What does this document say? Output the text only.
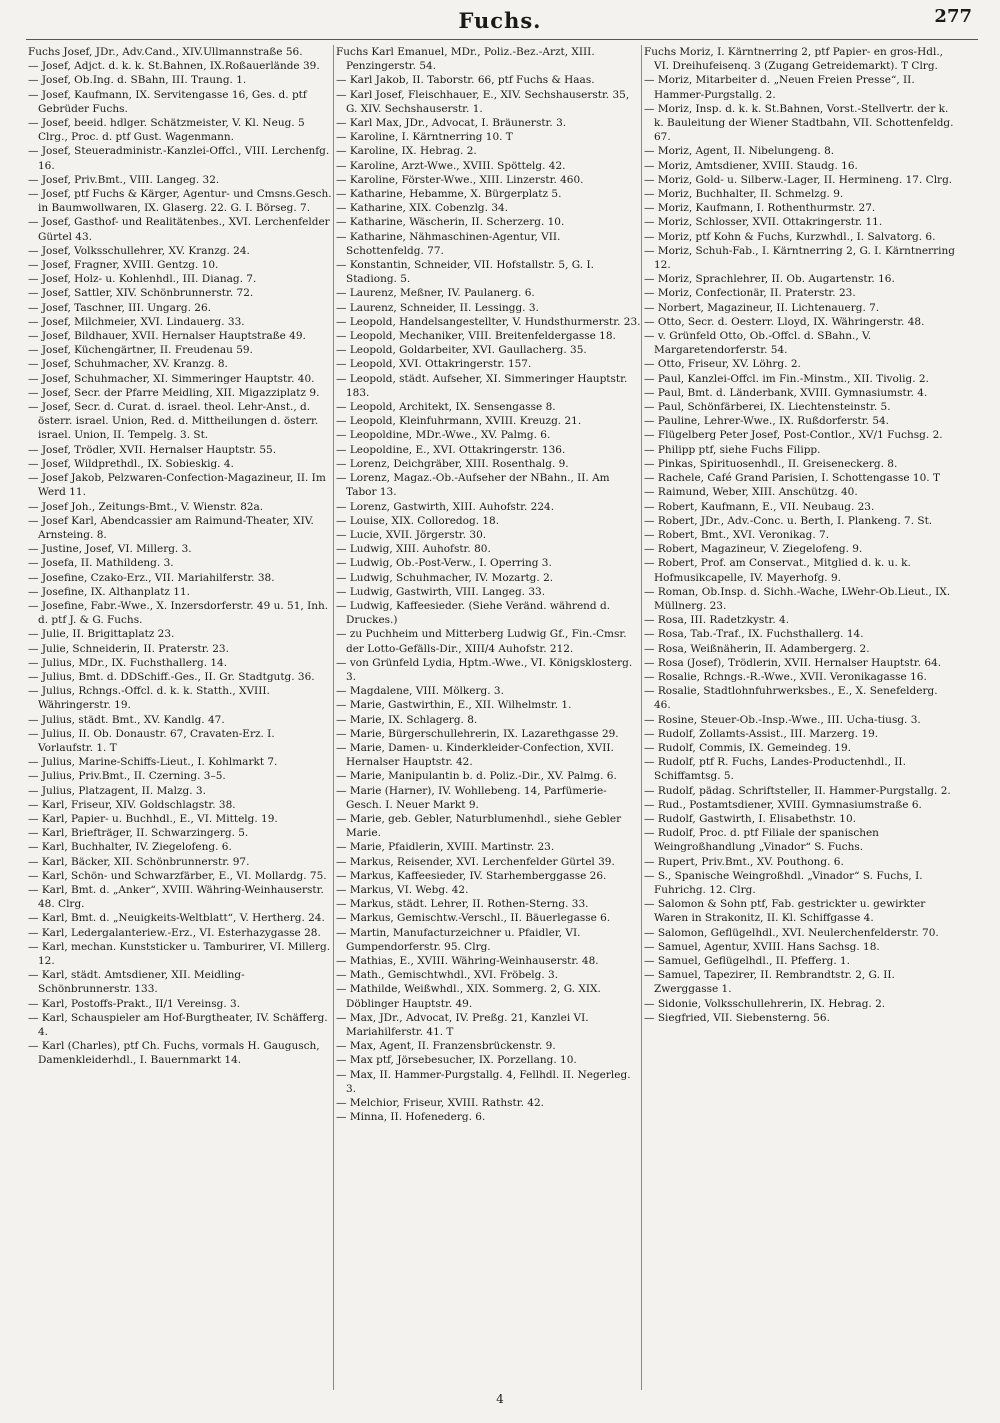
Fuchs.	277
Fuchs Josef, JDr., Adv.Cand., XIV.Ullmannstraße 56.
— Josef, Adjct. d. k. k. St.Bahnen, IX.Roßauerlände 39.
— Josef, Ob.Ing. d. SBahn, III. Traung. 1.
— Josef, Kaufmann, IX. Servitengasse 16, Ges. d. ptf Gebrüder Fuchs.
— Josef, beeid. hdlger. Schätzmeister, V. Kl. Neug. 5 Clrg., Proc. d. ptf Gust. Wagenmann.
— Josef, Steueradministr.-Kanzlei-Offcl., VIII. Lerchenfg. 16.
— Josef, Priv.Bmt., VIII. Langeg. 32.
— Josef, ptf Fuchs & Kärger, Agentur- und Cmsns.Gesch. in Baumwollwaren, IX. Glaserg. 22. G. I. Börseg. 7.
— Josef, Gasthof- und Realitätenbes., XVI. Lerchenfelder Gürtel 43.
— Josef, Volksschullehrer, XV. Kranzg. 24.
— Josef, Fragner, XVIII. Gentzg. 10.
— Josef, Holz- u. Kohlenhdl., III. Dianag. 7.
— Josef, Sattler, XIV. Schönbrunnerstr. 72.
— Josef, Taschner, III. Ungarg. 26.
— Josef, Milchmeier, XVI. Lindauerg. 33.
— Josef, Bildhauer, XVII. Hernalser Hauptstraße 49.
— Josef, Küchengärtner, II. Freudenau 59.
— Josef, Schuhmacher, XV. Kranzg. 8.
— Josef, Schuhmacher, XI. Simmeringer Hauptstr. 40.
— Josef, Secr. der Pfarre Meidling, XII. Migazziplatz 9.
— Josef, Secr. d. Curat. d. israel. theol. Lehr-Anst., d. österr. israel. Union, Red. d. Mittheilungen d. österr. israel. Union, II. Tempelg. 3. St.
— Josef, Trödler, XVII. Hernalser Hauptstr. 55.
— Josef, Wildprethdl., IX. Sobieskig. 4.
— Josef Jakob, Pelzwaren-Confection-Magazineur, II. Im Werd 11.
— Josef Joh., Zeitungs-Bmt., V. Wienstr. 82a.
— Josef Karl, Abendcassier am Raimund-Theater, XIV. Arnsteing. 8.
— Justine, Josef, VI. Millerg. 3.
— Josefa, II. Mathildeng. 3.
— Josefine, Czako-Erz., VII. Mariahilferstr. 38.
— Josefine, IX. Althanplatz 11.
— Josefine, Fabr.-Wwe., X. Inzersdorferstr. 49 u. 51, Inh. d. ptf J. & G. Fuchs.
— Julie, II. Brigittaplatz 23.
— Julie, Schneiderin, II. Praterstr. 23.
— Julius, MDr., IX. Fuchsthallerg. 14.
— Julius, Bmt. d. DDSchiff.-Ges., II. Gr. Stadtgutg. 36.
— Julius, Rchngs.-Offcl. d. k. k. Statth., XVIII. Währingerstr. 19.
— Julius, städt. Bmt., XV. Kandlg. 47.
— Julius, II. Ob. Donaustr. 67, Cravaten-Erz. I. Vorlaufstr. 1. T
— Julius, Marine-Schiffs-Lieut., I. Kohlmarkt 7.
— Julius, Priv.Bmt., II. Czerning. 3–5.
— Julius, Platzagent, II. Malzg. 3.
— Karl, Friseur, XIV. Goldschlagstr. 38.
— Karl, Papier- u. Buchhdl., E., VI. Mittelg. 19.
— Karl, Briefträger, II. Schwarzingerg. 5.
— Karl, Buchhalter, IV. Ziegelofeng. 6.
— Karl, Bäcker, XII. Schönbrunnerstr. 97.
— Karl, Schön- und Schwarzfärber, E., VI. Mollardg. 75.
— Karl, Bmt. d. „Anker“, XVIII. Währing-Weinhauserstr. 48. Clrg.
— Karl, Bmt. d. „Neuigkeits-Weltblatt“, V. Hertherg. 24.
— Karl, Ledergalanteriew.-Erz., VI. Esterhazygasse 28.
— Karl, mechan. Kunststicker u. Tamburirer, VI. Millerg. 12.
— Karl, städt. Amtsdiener, XII. Meidling-Schönbrunnerstr. 133.
— Karl, Postoffs-Prakt., II/1 Vereinsg. 3.
— Karl, Schauspieler am Hof-Burgtheater, IV. Schäfferg. 4.
— Karl (Charles), ptf Ch. Fuchs, vormals H. Gaugusch, Damenkleiderhdl., I. Bauernmarkt 14.
Fuchs Karl Emanuel, MDr., Poliz.-Bez.-Arzt, XIII. Penzingerstr. 54.
— Karl Jakob, II. Taborstr. 66, ptf Fuchs & Haas.
— Karl Josef, Fleischhauer, E., XIV. Sechshauserstr. 35, G. XIV. Sechshauserstr. 1.
— Karl Max, JDr., Advocat, I. Bräunerstr. 3.
— Karoline, I. Kärntnerring 10. T
— Karoline, IX. Hebrag. 2.
— Karoline, Arzt-Wwe., XVIII. Spöttelg. 42.
— Karoline, Förster-Wwe., XIII. Linzerstr. 460.
— Katharine, Hebamme, X. Bürgerplatz 5.
— Katharine, XIX. Cobenzlg. 34.
— Katharine, Wäscherin, II. Scherzerg. 10.
— Katharine, Nähmaschinen-Agentur, VII. Schottenfeldg. 77.
— Konstantin, Schneider, VII. Hofstallstr. 5, G. I. Stadiong. 5.
— Laurenz, Meßner, IV. Paulanerg. 6.
— Laurenz, Schneider, II. Lessingg. 3.
— Leopold, Handelsangestellter, V. Hundsthurmerstr. 23.
— Leopold, Mechaniker, VIII. Breitenfeldergasse 18.
— Leopold, Goldarbeiter, XVI. Gaullacherg. 35.
— Leopold, XVI. Ottakringerstr. 157.
— Leopold, städt. Aufseher, XI. Simmeringer Hauptstr. 183.
— Leopold, Architekt, IX. Sensengasse 8.
— Leopold, Kleinfuhrmann, XVIII. Kreuzg. 21.
— Leopoldine, MDr.-Wwe., XV. Palmg. 6.
— Leopoldine, E., XVI. Ottakringerstr. 136.
— Lorenz, Deichgräber, XIII. Rosenthalg. 9.
— Lorenz, Magaz.-Ob.-Aufseher der NBahn., II. Am Tabor 13.
— Lorenz, Gastwirth, XIII. Auhofstr. 224.
— Louise, XIX. Colloredog. 18.
— Lucie, XVII. Jörgerstr. 30.
— Ludwig, XIII. Auhofstr. 80.
— Ludwig, Ob.-Post-Verw., I. Operring 3.
— Ludwig, Schuhmacher, IV. Mozartg. 2.
— Ludwig, Gastwirth, VIII. Langeg. 33.
— Ludwig, Kaffeesieder. (Siehe Veränd. während d. Druckes.)
— zu Puchheim und Mitterberg Ludwig Gf., Fin.-Cmsr. der Lotto-Gefälls-Dir., XIII/4 Auhofstr. 212.
— von Grünfeld Lydia, Hptm.-Wwe., VI. Königsklosterg. 3.
— Magdalene, VIII. Mölkerg. 3.
— Marie, Gastwirthin, E., XII. Wilhelmstr. 1.
— Marie, IX. Schlagerg. 8.
— Marie, Bürgerschullehrerin, IX. Lazarethgasse 29.
— Marie, Damen- u. Kinderkleider-Confection, XVII. Hernalser Hauptstr. 42.
— Marie, Manipulantin b. d. Poliz.-Dir., XV. Palmg. 6.
— Marie (Harner), IV. Wohllebeng. 14, Parfümerie-Gesch. I. Neuer Markt 9.
— Marie, geb. Gebler, Naturblumenhdl., siehe Gebler Marie.
— Marie, Pfaidlerin, XVIII. Martinstr. 23.
— Markus, Reisender, XVI. Lerchenfelder Gürtel 39.
— Markus, Kaffeesieder, IV. Starhemberggasse 26.
— Markus, VI. Webg. 42.
— Markus, städt. Lehrer, II. Rothen-Sterng. 33.
— Markus, Gemischtw.-Verschl., II. Bäuerlegasse 6.
— Martin, Manufacturzeichner u. Pfaidler, VI. Gumpendorferstr. 95. Clrg.
— Mathias, E., XVIII. Währing-Weinhauserstr. 48.
— Math., Gemischtwhdl., XVI. Fröbelg. 3.
— Mathilde, Weißwhdl., XIX. Sommerg. 2, G. XIX. Döblinger Hauptstr. 49.
— Max, JDr., Advocat, IV. Preßg. 21, Kanzlei VI. Mariahilferstr. 41. T
— Max, Agent, II. Franzensbrückenstr. 9.
— Max ptf, Jörsebesucher, IX. Porzellang. 10.
— Max, II. Hammer-Purgstallg. 4, Fellhdl. II. Negerleg. 3.
— Melchior, Friseur, XVIII. Rathstr. 42.
— Minna, II. Hofenederg. 6.
Fuchs Moriz, I. Kärntnerring 2, ptf Papier- en gros-Hdl., VI. Dreihufeisenq. 3 (Zugang Getreidemarkt). T Clrg.
— Moriz, Mitarbeiter d. „Neuen Freien Presse“, II. Hammer-Purgstallg. 2.
— Moriz, Insp. d. k. k. St.Bahnen, Vorst.-Stellvertr. der k. k. Bauleitung der Wiener Stadtbahn, VII. Schottenfeldg. 67.
— Moriz, Agent, II. Nibelungeng. 8.
— Moriz, Amtsdiener, XVIII. Staudg. 16.
— Moriz, Gold- u. Silberw.-Lager, II. Hermineng. 17. Clrg.
— Moriz, Buchhalter, II. Schmelzg. 9.
— Moriz, Kaufmann, I. Rothenthurmstr. 27.
— Moriz, Schlosser, XVII. Ottakringerstr. 11.
— Moriz, ptf Kohn & Fuchs, Kurzwhdl., I. Salvatorg. 6.
— Moriz, Schuh-Fab., I. Kärntnerring 2, G. I. Kärntnerring 12.
— Moriz, Sprachlehrer, II. Ob. Augartenstr. 16.
— Moriz, Confectionär, II. Praterstr. 23.
— Norbert, Magazineur, II. Lichtenauerg. 7.
— Otto, Secr. d. Oesterr. Lloyd, IX. Währingerstr. 48.
— v. Grünfeld Otto, Ob.-Offcl. d. SBahn., V. Margaretendorferstr. 54.
— Otto, Friseur, XV. Löhrg. 2.
— Paul, Kanzlei-Offcl. im Fin.-Minstm., XII. Tivolig. 2.
— Paul, Bmt. d. Länderbank, XVIII. Gymnasiumstr. 4.
— Paul, Schönfärberei, IX. Liechtensteinstr. 5.
— Pauline, Lehrer-Wwe., IX. Rußdorferstr. 54.
— Flügelberg Peter Josef, Post-Contlor., XV/1 Fuchsg. 2.
— Philipp ptf, siehe Fuchs Filipp.
— Pinkas, Spirituosenhdl., II. Greiseneckerg. 8.
— Rachele, Café Grand Parisien, I. Schottengasse 10. T
— Raimund, Weber, XIII. Anschützg. 40.
— Robert, Kaufmann, E., VII. Neubaug. 23.
— Robert, JDr., Adv.-Conc. u. Berth, I. Plankeng. 7. St.
— Robert, Bmt., XVI. Veronikag. 7.
— Robert, Magazineur, V. Ziegelofeng. 9.
— Robert, Prof. am Conservat., Mitglied d. k. u. k. Hofmusikcapelle, IV. Mayerhofg. 9.
— Roman, Ob.Insp. d. Sichh.-Wache, LWehr-Ob.Lieut., IX. Müllnerg. 23.
— Rosa, III. Radetzkystr. 4.
— Rosa, Tab.-Traf., IX. Fuchsthallerg. 14.
— Rosa, Weißnäherin, II. Adambergerg. 2.
— Rosa (Josef), Trödlerin, XVII. Hernalser Hauptstr. 64.
— Rosalie, Rchngs.-R.-Wwe., XVII. Veronikagasse 16.
— Rosalie, Stadtlohnfuhrwerksbes., E., X. Senefelderg. 46.
— Rosine, Steuer-Ob.-Insp.-Wwe., III. Ucha-tiusg. 3.
— Rudolf, Zollamts-Assist., III. Marzerg. 19.
— Rudolf, Commis, IX. Gemeindeg. 19.
— Rudolf, ptf R. Fuchs, Landes-Productenhdl., II. Schiffamtsg. 5.
— Rudolf, pädag. Schriftsteller, II. Hammer-Purgstallg. 2.
— Rud., Postamtsdiener, XVIII. Gymnasiumstraße 6.
— Rudolf, Gastwirth, I. Elisabethstr. 10.
— Rudolf, Proc. d. ptf Filiale der spanischen Weingroßhandlung „Vinador“ S. Fuchs.
— Rupert, Priv.Bmt., XV. Pouthong. 6.
— S., Spanische Weingroßhdl. „Vinador“ S. Fuchs, I. Fuhrichg. 12. Clrg.
— Salomon & Sohn ptf, Fab. gestrickter u. gewirkter Waren in Strakonitz, II. Kl. Schiffgasse 4.
— Salomon, Geflügelhdl., XVI. Neulerchenfelderstr. 70.
— Samuel, Agentur, XVIII. Hans Sachsg. 18.
— Samuel, Geflügelhdl., II. Pfefferg. 1.
— Samuel, Tapezirer, II. Rembrandtstr. 2, G. II. Zwerggasse 1.
— Sidonie, Volksschullehrerin, IX. Hebrag. 2.
— Siegfried, VII. Siebensterng. 56.
4
